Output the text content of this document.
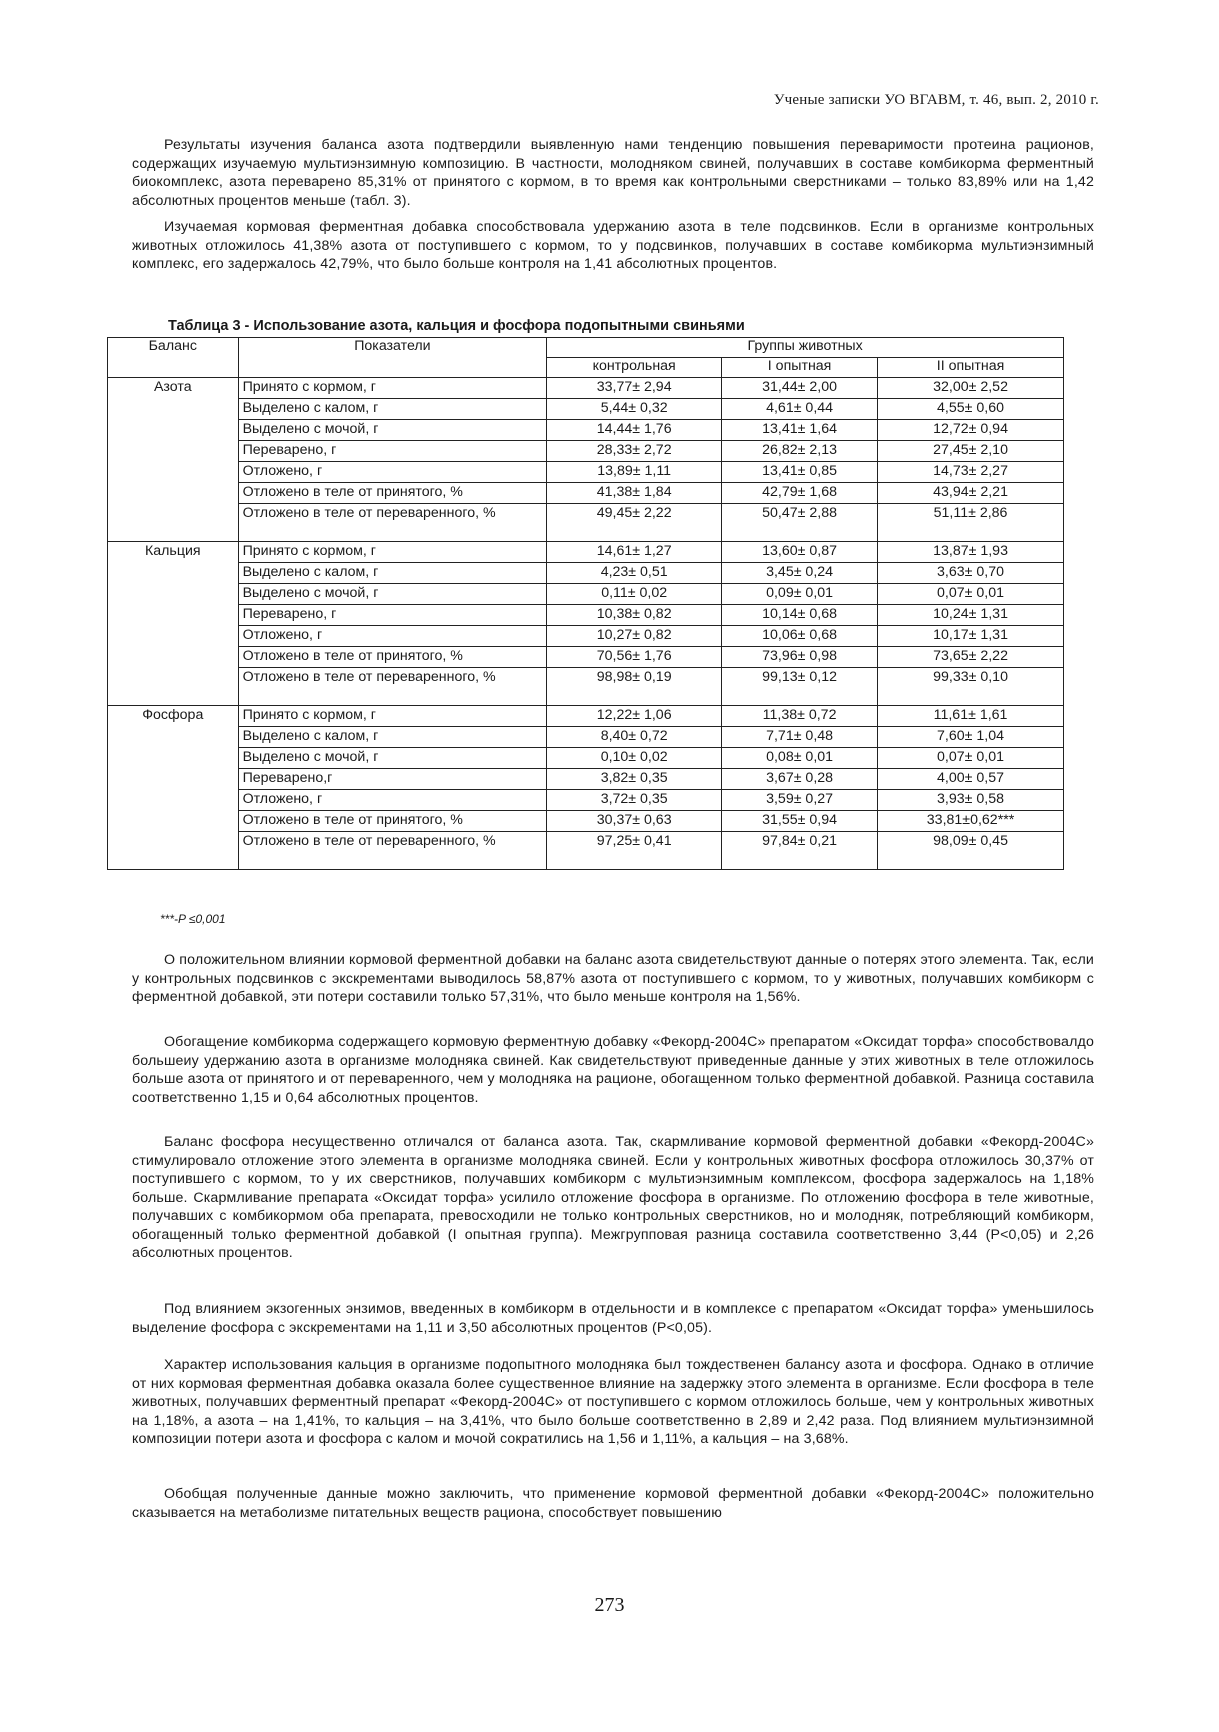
Ученые записки УО ВГАВМ, т. 46, вып. 2, 2010 г.

Результаты изучения баланса азота подтвердили выявленную нами тенденцию повышения переваримости протеина рационов, содержащих изучаемую мультиэнзимную композицию. В частности, молодняком свиней, получавших в составе комбикорма ферментный биокомплекс, азота переварено 85,31% от принятого с кормом, в то время как контрольными сверстниками – только 83,89% или на 1,42 абсолютных процентов меньше (табл. 3).

Изучаемая кормовая ферментная добавка способствовала удержанию азота в теле подсвинков. Если в организме контрольных животных отложилось 41,38% азота от поступившего с кормом, то у подсвинков, получавших в составе комбикорма мультиэнзимный комплекс, его задержалось 42,79%, что было больше контроля на 1,41 абсолютных процентов.

Таблица 3 - Использование азота, кальция и фосфора подопытными свиньями
Баланс	Показатели	Группы животных		
		контрольная	I опытная	II опытная
Азота	Принято с кормом, г	33,77± 2,94	31,44± 2,00	32,00± 2,52
	Выделено с калом, г	5,44± 0,32	4,61± 0,44	4,55± 0,60
	Выделено с мочой, г	14,44± 1,76	13,41± 1,64	12,72± 0,94
	Переварено, г	28,33± 2,72	26,82± 2,13	27,45± 2,10
	Отложено, г	13,89± 1,11	13,41± 0,85	14,73± 2,27
	Отложено в теле от принятого, %	41,38± 1,84	42,79± 1,68	43,94± 2,21
	Отложено в теле от переваренного, %	49,45± 2,22	50,47± 2,88	51,11± 2,86
Кальция	Принято с кормом, г	14,61± 1,27	13,60± 0,87	13,87± 1,93
	Выделено с калом, г	4,23± 0,51	3,45± 0,24	3,63± 0,70
	Выделено с мочой, г	0,11± 0,02	0,09± 0,01	0,07± 0,01
	Переварено, г	10,38± 0,82	10,14± 0,68	10,24± 1,31
	Отложено, г	10,27± 0,82	10,06± 0,68	10,17± 1,31
	Отложено в теле от принятого, %	70,56± 1,76	73,96± 0,98	73,65± 2,22
	Отложено в теле от переваренного, %	98,98± 0,19	99,13± 0,12	99,33± 0,10
Фосфора	Принято с кормом, г	12,22± 1,06	11,38± 0,72	11,61± 1,61
	Выделено с калом, г	8,40± 0,72	7,71± 0,48	7,60± 1,04
	Выделено с мочой, г	0,10± 0,02	0,08± 0,01	0,07± 0,01
	Переварено,г	3,82± 0,35	3,67± 0,28	4,00± 0,57
	Отложено, г	3,72± 0,35	3,59± 0,27	3,93± 0,58
	Отложено в теле от принятого, %	30,37± 0,63	31,55± 0,94	33,81±0,62***
	Отложено в теле от переваренного, %	97,25± 0,41	97,84± 0,21	98,09± 0,45
***-P ≤0,001

О положительном влиянии кормовой ферментной добавки на баланс азота свидетельствуют данные о потерях этого элемента. Так, если у контрольных подсвинков с экскрементами выводилось 58,87% азота от поступившего с кормом, то у животных, получавших комбикорм с ферментной добавкой, эти потери составили только 57,31%, что было меньше контроля на 1,56%.

Обогащение комбикорма содержащего кормовую ферментную добавку «Фекорд-2004С» препаратом «Оксидат торфа» способствовалдо большеиу удержанию азота в организме молодняка свиней. Как свидетельствуют приведенные данные у этих животных в теле отложилось больше азота от принятого и от переваренного, чем у молодняка на рационе, обогащенном только ферментной добавкой. Разница составила соответственно 1,15 и 0,64 абсолютных процентов.

Баланс фосфора несущественно отличался от баланса азота. Так, скармливание кормовой ферментной добавки «Фекорд-2004С» стимулировало отложение этого элемента в организме молодняка свиней. Если у контрольных животных фосфора отложилось 30,37% от поступившего с кормом, то у их сверстников, получавших комбикорм с мультиэнзимным комплексом, фосфора задержалось на 1,18% больше. Скармливание препарата «Оксидат торфа» усилило отложение фосфора в организме. По отложению фосфора в теле животные, получавших с комбикормом оба препарата, превосходили не только контрольных сверстников, но и молодняк, потребляющий комбикорм, обогащенный только ферментной добавкой (I опытная группа). Межгрупповая разница составила соответственно 3,44 (P<0,05) и 2,26 абсолютных процентов.

Под влиянием экзогенных энзимов, введенных в комбикорм в отдельности и в комплексе с препаратом «Оксидат торфа» уменьшилось выделение фосфора с экскрементами на 1,11 и 3,50 абсолютных процентов (P<0,05).

Характер использования кальция в организме подопытного молодняка был тождественен балансу азота и фосфора. Однако в отличие от них кормовая ферментная добавка оказала более существенное влияние на задержку этого элемента в организме. Если фосфора в теле животных, получавших ферментный препарат «Фекорд-2004С» от поступившего с кормом отложилось больше, чем у контрольных животных на 1,18%, а азота – на 1,41%, то кальция – на 3,41%, что было больше соответственно в 2,89 и 2,42 раза. Под влиянием мультиэнзимной композиции потери азота и фосфора с калом и мочой сократились на 1,56 и 1,11%, а кальция – на 3,68%.

Обобщая полученные данные можно заключить, что применение кормовой ферментной добавки «Фекорд-2004С» положительно сказывается на метаболизме питательных веществ рациона, способствует повышению

273
